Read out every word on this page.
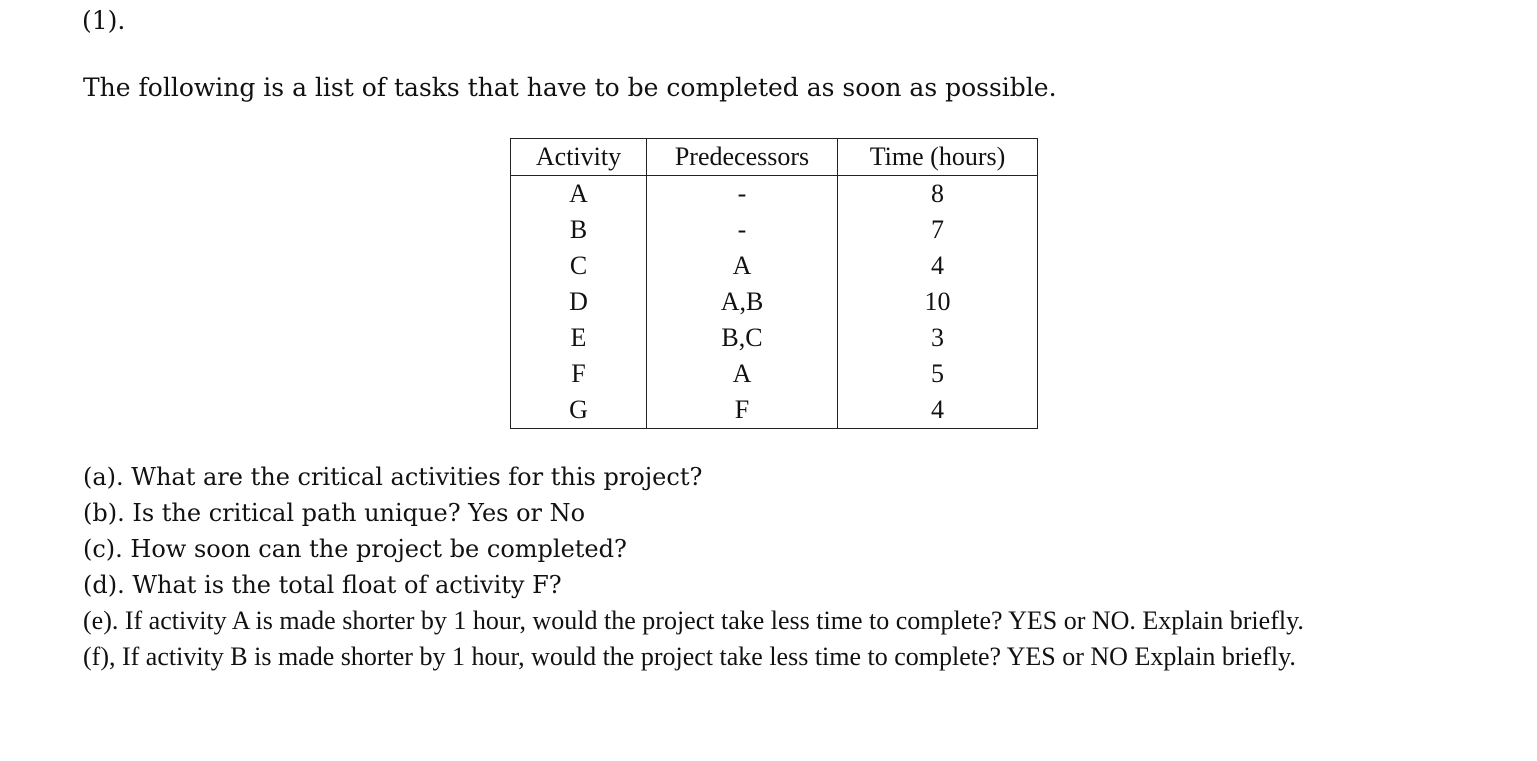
(1).
The following is a list of tasks that have to be completed as soon as possible.
Activity	Predecessors	Time (hours)
A	-	8
B	-	7
C	A	4
D	A,B	10
E	B,C	3
F	A	5
G	F	4

(a). What are the critical activities for this project?

(b). Is the critical path unique? Yes or No

(c). How soon can the project be completed?

(d). What is the total float of activity F?

(e). If activity A is made shorter by 1 hour, would the project take less time to complete? YES or NO. Explain briefly.

(f), If activity B is made shorter by 1 hour, would the project take less time to complete? YES or NO Explain briefly.
